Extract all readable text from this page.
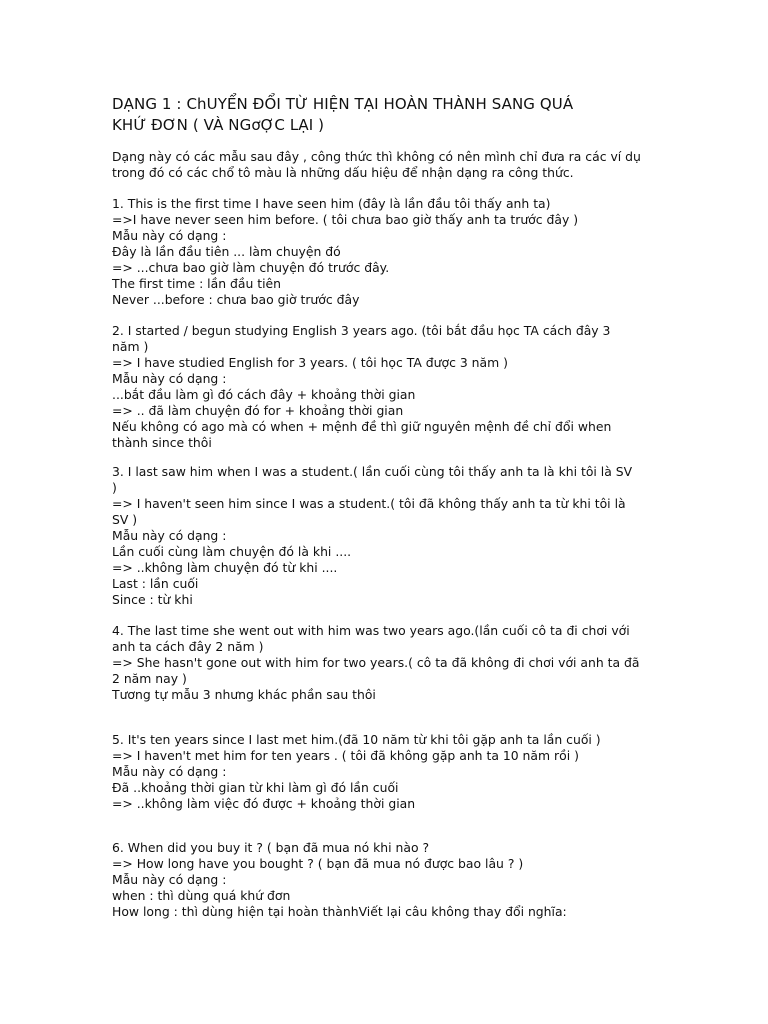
DẠNG 1 : ChUYỂN ĐỔI TỪ HIỆN TẠI HOÀN THÀNH SANG QUÁ
KHỨ ĐƠN ( VÀ NGơỢC LẠI )
Dạng này có các mẫu sau đây , công thức thì không có nên mình chỉ đưa ra các ví dụ
trong đó có các chổ tô màu là những dấu hiệu để nhận dạng ra công thức.
1. This is the first time I have seen him (đây là lần đầu tôi thấy anh ta)
=>I have never seen him before. ( tôi chưa bao giờ thấy anh ta trước đây )
Mẫu này có dạng :
Đây là lần đầu tiên ... làm chuyện đó
=> ...chưa bao giờ làm chuyện đó trước đây.
The first time : lần đầu tiên
Never ...before : chưa bao giờ trước đây
2. I started / begun studying English 3 years ago. (tôi bắt đầu học TA cách đây 3
năm )
=> I have studied English for 3 years. ( tôi học TA được 3 năm )
Mẫu này có dạng :
...bắt đầu làm gì đó cách đây + khoảng thời gian
=> .. đã làm chuyện đó for + khoảng thời gian
Nếu không có ago mà có when + mệnh đề thì giữ nguyên mệnh đề chỉ đổi when
thành since thôi
3. I last saw him when I was a student.( lần cuối cùng tôi thấy anh ta là khi tôi là SV
)
=> I haven't seen him since I was a student.( tôi đã không thấy anh ta từ khi tôi là
SV )
Mẫu này có dạng :
Lần cuối cùng làm chuyện đó là khi ....
=> ..không làm chuyện đó từ khi ....
Last : lần cuối
Since : từ khi
4. The last time she went out with him was two years ago.(lần cuối cô ta đi chơi với
anh ta cách đây 2 năm )
=> She hasn't gone out with him for two years.( cô ta đã không đi chơi với anh ta đã
2 năm nay )
Tương tự mẫu 3 nhưng khác phần sau thôi
5. It's ten years since I last met him.(đã 10 năm từ khi tôi gặp anh ta lần cuối )
=> I haven't met him for ten years . ( tôi đã không gặp anh ta 10 năm rồi )
Mẫu này có dạng :
Đã ..khoảng thời gian từ khi làm gì đó lần cuối
=> ..không làm việc đó được + khoảng thời gian
6. When did you buy it ? ( bạn đã mua nó khi nào ?
=> How long have you bought ? ( bạn đã mua nó được bao lâu ? )
Mẫu này có dạng :
when : thì dùng quá khứ đơn
How long : thì dùng hiện tại hoàn thànhViết lại câu không thay đổi nghĩa:
